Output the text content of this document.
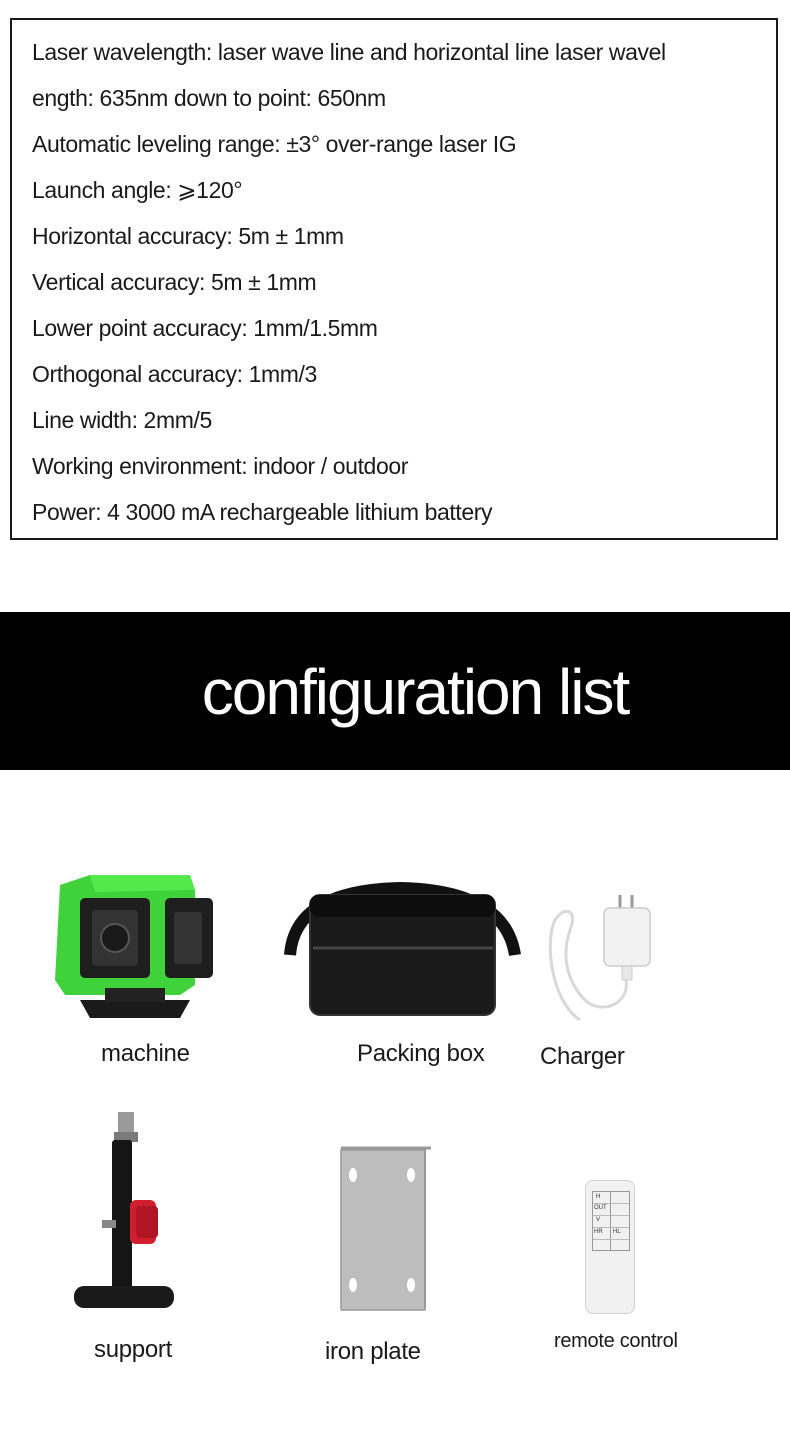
Laser wavelength: laser wave line and horizontal line laser wavel
ength: 635nm down to point: 650nm
Automatic leveling range: ±3° over-range laser IG
Launch angle: ⩾120°
Horizontal accuracy: 5m ± 1mm
Vertical accuracy: 5m ± 1mm
Lower point accuracy: 1mm/1.5mm
Orthogonal accuracy: 1mm/3
Line width: 2mm/5
Working environment: indoor / outdoor
Power: 4 3000 mA rechargeable lithium battery
configuration list
machine	Packing box Charger
support	iron plate
H
OUT
V
HR HL
remote control
